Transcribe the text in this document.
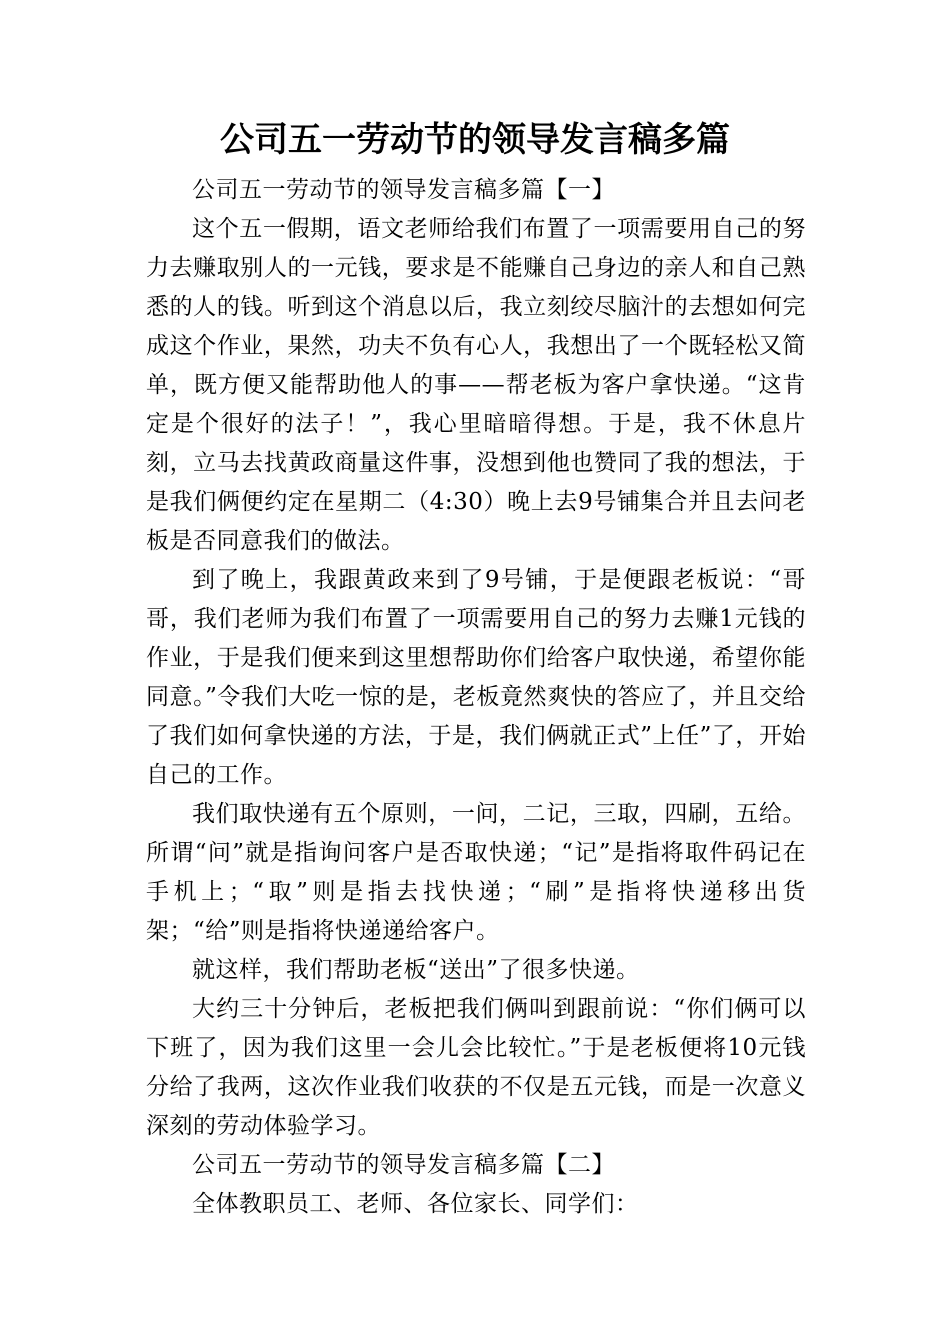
公司五一劳动节的领导发言稿多篇

公司五一劳动节的领导发言稿多篇【一】

这个五一假期，语文老师给我们布置了一项需要用自己的努力去赚取别人的一元钱，要求是不能赚自己身边的亲人和自己熟悉的人的钱。听到这个消息以后，我立刻绞尽脑汁的去想如何完成这个作业，果然，功夫不负有心人，我想出了一个既轻松又简单，既方便又能帮助他人的事——帮老板为客户拿快递。“这肯定是个很好的法子！”，我心里暗暗得想。于是，我不休息片刻，立马去找黄政商量这件事，没想到他也赞同了我的想法，于是我们俩便约定在星期二（4:30）晚上去9号铺集合并且去问老板是否同意我们的做法。

到了晚上，我跟黄政来到了9号铺，于是便跟老板说：“哥哥，我们老师为我们布置了一项需要用自己的努力去赚1元钱的作业，于是我们便来到这里想帮助你们给客户取快递，希望你能同意。”令我们大吃一惊的是，老板竟然爽快的答应了，并且交给了我们如何拿快递的方法，于是，我们俩就正式”上任”了，开始自己的工作。

我们取快递有五个原则，一问，二记，三取，四刷，五给。所谓“问”就是指询问客户是否取快递；“记”是指将取件码记在手机上；“取”则是指去找快递；“刷”是指将快递移出货架；“给”则是指将快递递给客户。

就这样，我们帮助老板“送出”了很多快递。

大约三十分钟后，老板把我们俩叫到跟前说：“你们俩可以下班了，因为我们这里一会儿会比较忙。”于是老板便将10元钱分给了我两，这次作业我们收获的不仅是五元钱，而是一次意义深刻的劳动体验学习。

公司五一劳动节的领导发言稿多篇【二】

全体教职员工、老师、各位家长、同学们：
